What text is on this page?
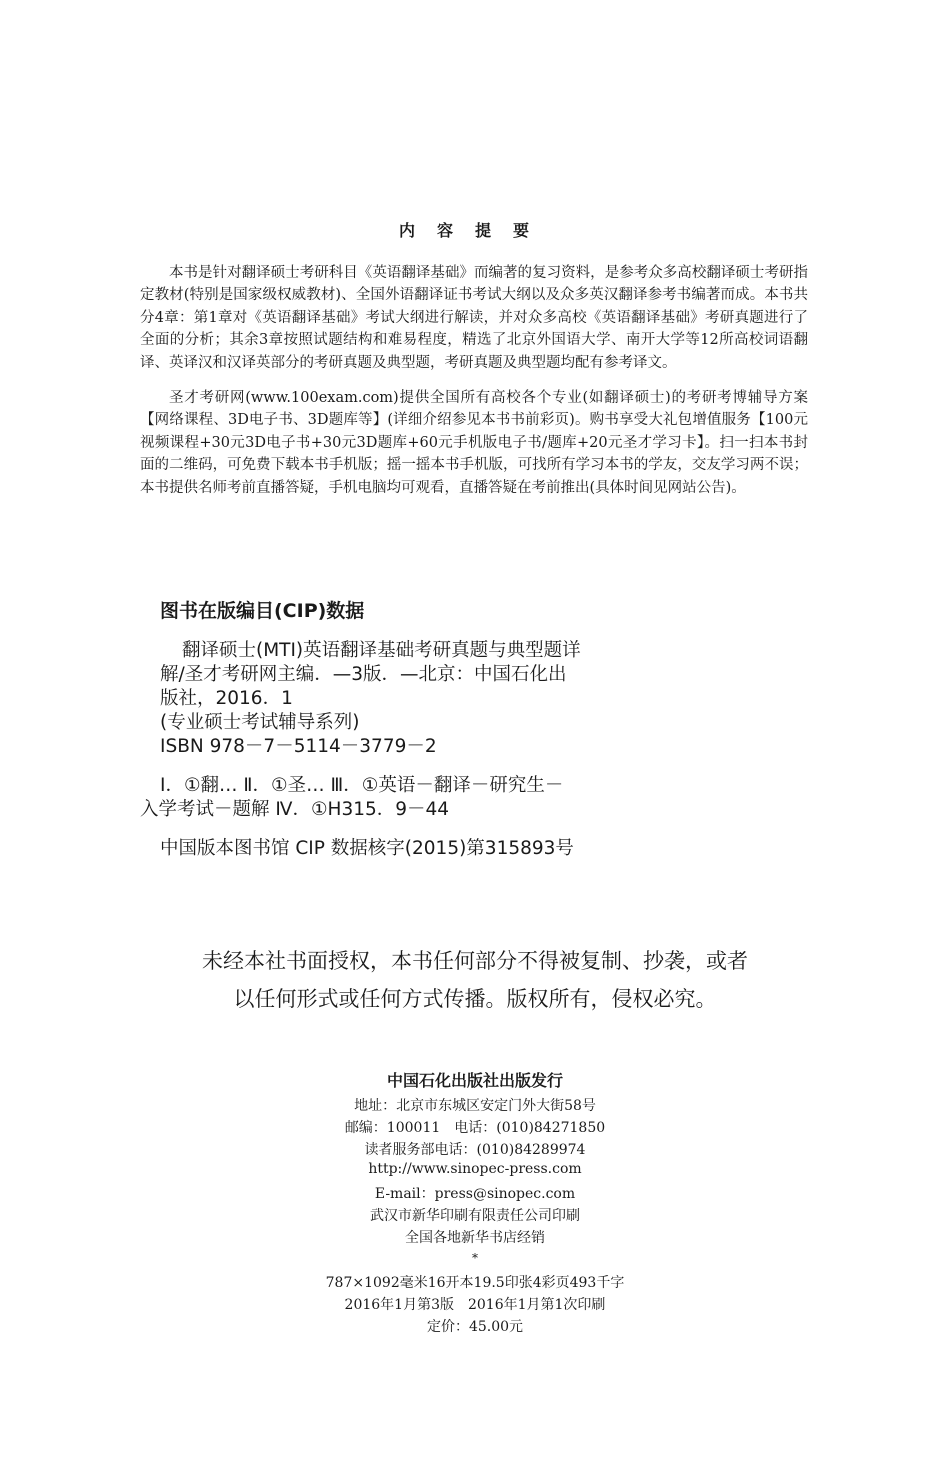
内容提要

本书是针对翻译硕士考研科目《英语翻译基础》而编著的复习资料，是参考众多高校翻译硕士考研指定教材(特别是国家级权威教材)、全国外语翻译证书考试大纲以及众多英汉翻译参考书编著而成。本书共分4章：第1章对《英语翻译基础》考试大纲进行解读，并对众多高校《英语翻译基础》考研真题进行了全面的分析；其余3章按照试题结构和难易程度，精选了北京外国语大学、南开大学等12所高校词语翻译、英译汉和汉译英部分的考研真题及典型题，考研真题及典型题均配有参考译文。

圣才考研网(www.100exam.com)提供全国所有高校各个专业(如翻译硕士)的考研考博辅导方案【网络课程、3D电子书、3D题库等】(详细介绍参见本书书前彩页)。购书享受大礼包增值服务【100元视频课程+30元3D电子书+30元3D题库+60元手机版电子书/题库+20元圣才学习卡】。扫一扫本书封面的二维码，可免费下载本书手机版；摇一摇本书手机版，可找所有学习本书的学友，交友学习两不误；本书提供名师考前直播答疑，手机电脑均可观看，直播答疑在考前推出(具体时间见网站公告)。

图书在版编目(CIP)数据
翻译硕士(MTI)英语翻译基础考研真题与典型题详
解/圣才考研网主编．—3版．—北京：中国石化出
版社，2016．1
(专业硕士考试辅导系列)
ISBN 978－7－5114－3779－2
Ⅰ．①翻… Ⅱ．①圣… Ⅲ．①英语－翻译－研究生－
入学考试－题解 Ⅳ．①H315．9－44
中国版本图书馆 CIP 数据核字(2015)第315893号
未经本社书面授权，本书任何部分不得被复制、抄袭，或者
以任何形式或任何方式传播。版权所有，侵权必究。
中国石化出版社出版发行
地址：北京市东城区安定门外大街58号
邮编：100011　电话：(010)84271850
读者服务部电话：(010)84289974
http://www.sinopec-press.com
E-mail：press@sinopec.com
武汉市新华印刷有限责任公司印刷
全国各地新华书店经销
*
787×1092毫米16开本19.5印张4彩页493千字
2016年1月第3版　2016年1月第1次印刷
定价：45.00元
